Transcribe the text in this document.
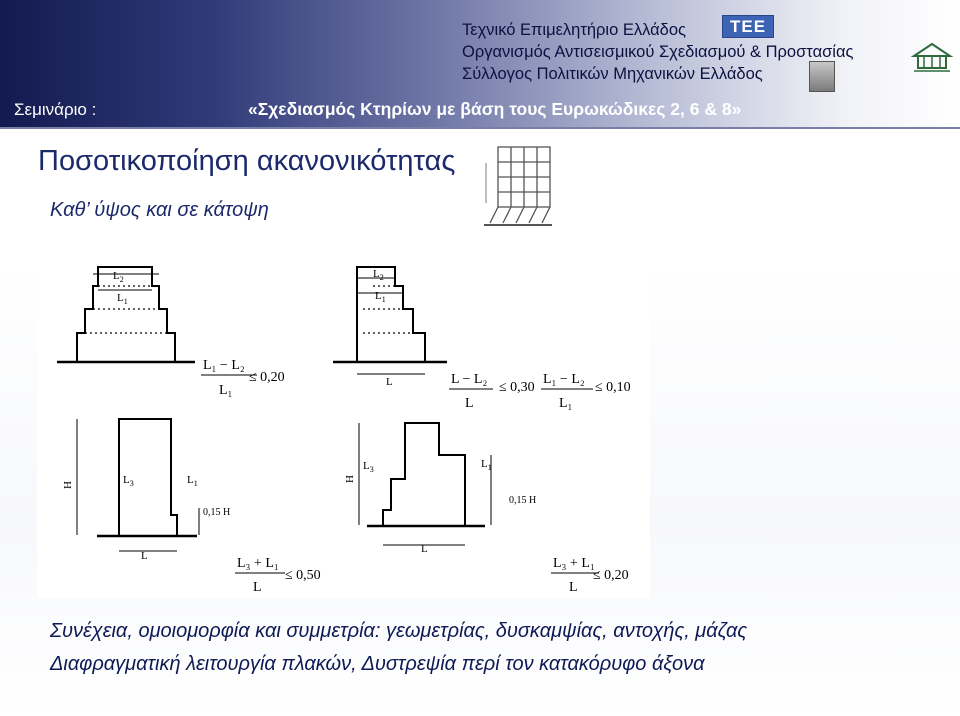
Τεχνικό Επιμελητήριο Ελλάδος
Οργανισμός Αντισεισμικού Σχεδιασμού & Προστασίας
Σύλλογος Πολιτικών Μηχανικών Ελλάδος
TEE
Σεμινάριο :	«Σχεδιασμός Κτηρίων με βάση τους Ευρωκώδικες 2, 6 & 8»
Ποσοτικοποίηση ακανονικότητας
Καθ’ ύψος και σε κάτοψη
$L_2$
$L_1$
$L_2$
$L_1$
L
L
L
H
H
$L_3$	$L_1$
$L_3$	$L_1$
0,15 H
0,15 H
L₁ − L₂
L₁
≤ 0,20	L − L₂
L
≤ 0,30
L₁ − L₂
L₁
≤ 0,10
L₃ + L₁
L
≤ 0,50
L₃ + L₁
L
≤ 0,20
Συνέχεια, ομοιομορφία και συμμετρία: γεωμετρίας, δυσκαμψίας, αντοχής, μάζας
Διαφραγματική λειτουργία πλακών, Δυστρεψία περί τον κατακόρυφο άξονα
